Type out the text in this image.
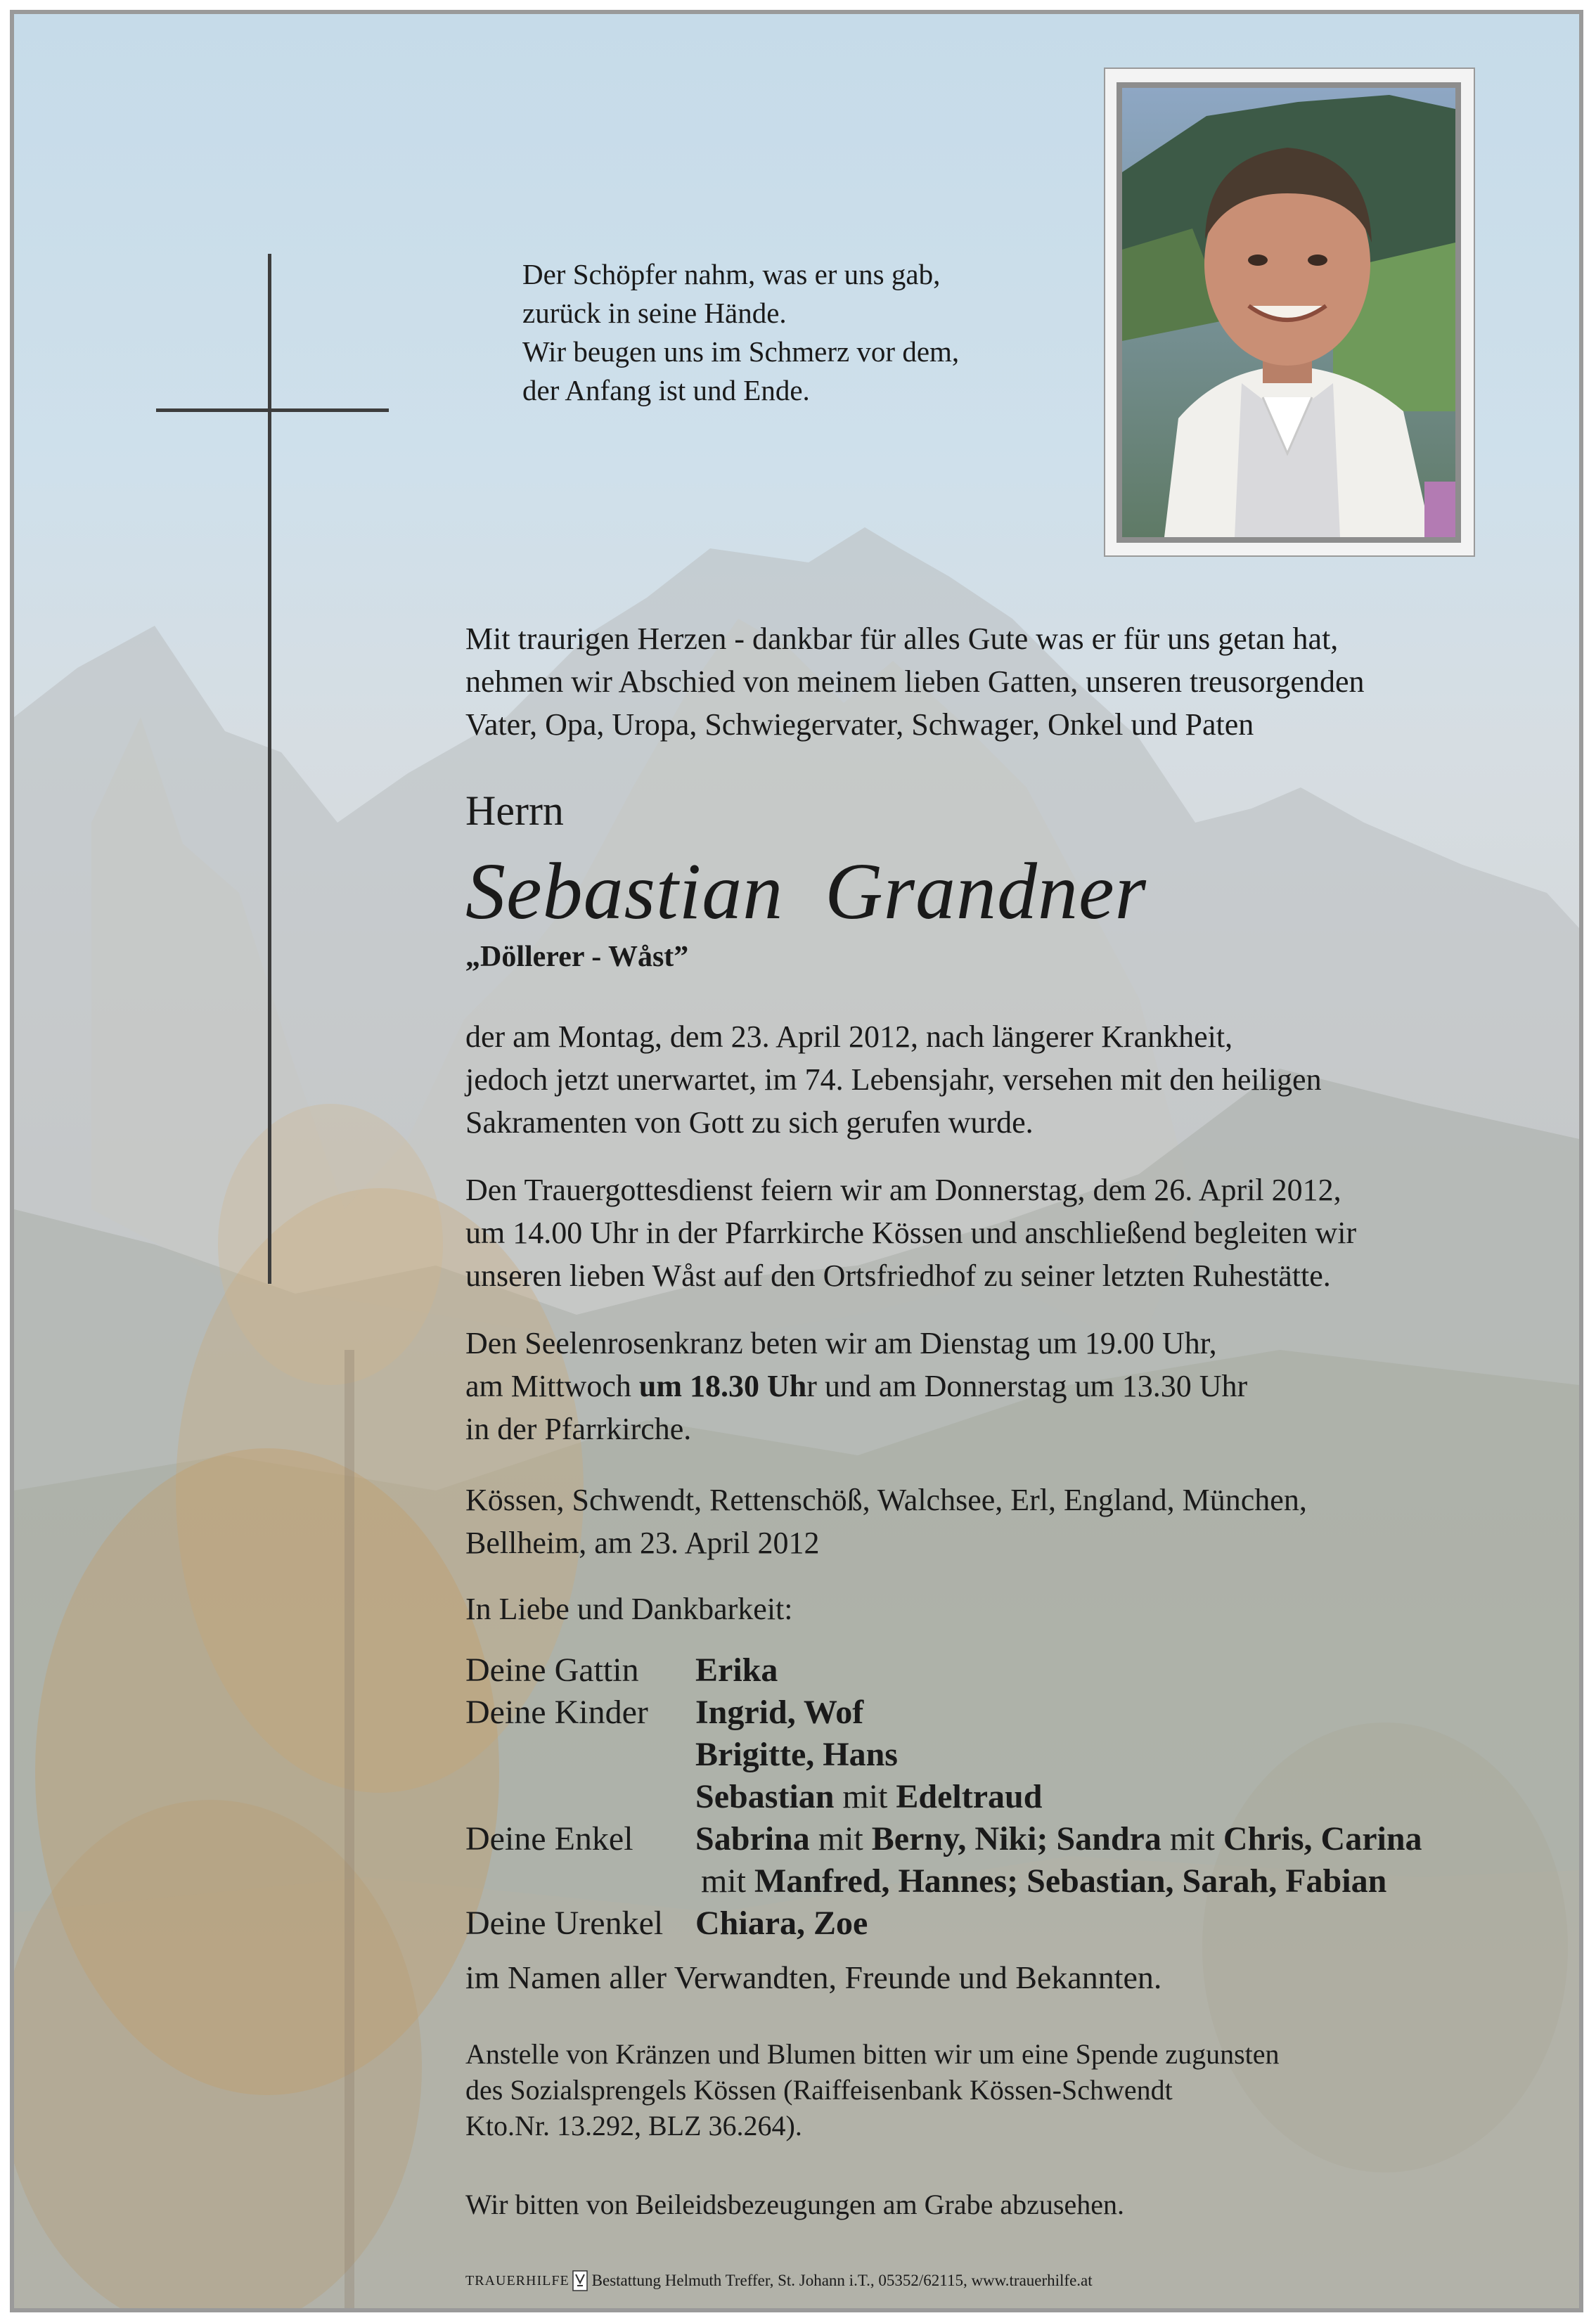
Der Schöpfer nahm, was er uns gab,
zurück in seine Hände.
Wir beugen uns im Schmerz vor dem,
der Anfang ist und Ende.
Mit traurigen Herzen - dankbar für alles Gute was er für uns getan hat,
nehmen wir Abschied von meinem lieben Gatten, unseren treusorgenden
Vater, Opa, Uropa, Schwiegervater, Schwager, Onkel und Paten
Herrn
Sebastian  Grandner
„Döllerer - Wåst”
der am Montag, dem 23. April 2012, nach längerer Krankheit,
jedoch jetzt unerwartet, im 74. Lebensjahr, versehen mit den heiligen
Sakramenten von Gott zu sich gerufen wurde.
Den Trauergottesdienst feiern wir am Donnerstag, dem 26. April 2012,
um 14.00 Uhr in der Pfarrkirche Kössen und anschließend begleiten wir
unseren lieben Wåst auf den Ortsfriedhof zu seiner letzten Ruhestätte.
Den Seelenrosenkranz beten wir am Dienstag um 19.00 Uhr,
am Mittwoch um 18.30 Uhr und am Donnerstag um 13.30 Uhr
in der Pfarrkirche.
Kössen, Schwendt, Rettenschöß, Walchsee, Erl, England, München,
Bellheim, am 23. April 2012
In Liebe und Dankbarkeit:
Deine Gattin Erika
Deine Kinder Ingrid, Wof
Brigitte, Hans
Sebastian mit Edeltraud
Deine Enkel Sabrina mit Berny, Niki; Sandra mit Chris, Carina
mit Manfred, Hannes; Sebastian, Sarah, Fabian
Deine Urenkel Chiara, Zoe
im Namen aller Verwandten, Freunde und Bekannten.
Anstelle von Kränzen und Blumen bitten wir um eine Spende zugunsten
des Sozialsprengels Kössen (Raiffeisenbank Kössen-Schwendt
Kto.Nr. 13.292, BLZ 36.264).
Wir bitten von Beileidsbezeugungen am Grabe abzusehen.
TRAUERHILFE Bestattung Helmuth Treffer, St. Johann i.T., 05352/62115, www.trauerhilfe.at
